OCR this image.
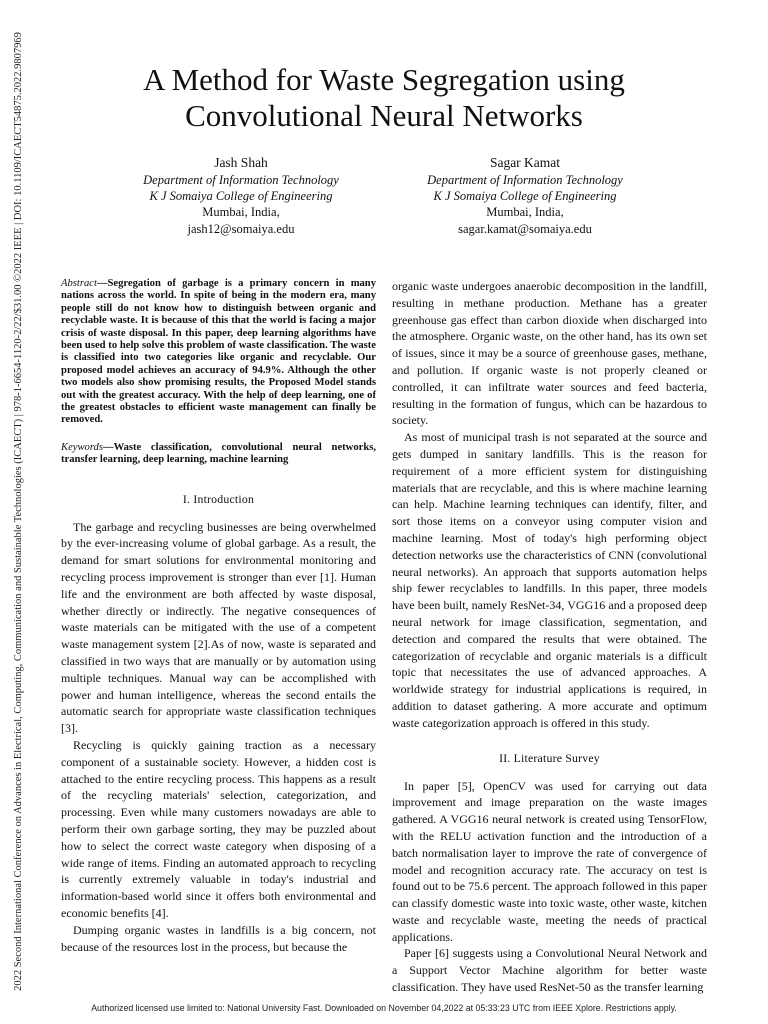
2022 Second International Conference on Advances in Electrical, Computing, Communication and Sustainable Technologies (ICAECT) | 978-1-6654-1120-2/22/$31.00 ©2022 IEEE | DOI: 10.1109/ICAECT54875.2022.9807969	A Method for Waste Segregation using
Convolutional Neural Networks
Jash Shah
Department of Information Technology
K J Somaiya College of Engineering
Mumbai, India,
jash12@somaiya.edu
Sagar Kamat
Department of Information Technology
K J Somaiya College of Engineering
Mumbai, India,
sagar.kamat@somaiya.edu
Abstract—Segregation of garbage is a primary concern in many nations across the world. In spite of being in the modern era, many people still do not know how to distinguish between organic and recyclable waste. It is because of this that the world is facing a major crisis of waste disposal. In this paper, deep learning algorithms have been used to help solve this problem of waste classification. The waste is classified into two categories like organic and recyclable. Our proposed model achieves an accuracy of 94.9%. Although the other two models also show promising results, the Proposed Model stands out with the greatest accuracy. With the help of deep learning, one of the greatest obstacles to efficient waste management can finally be removed.
Keywords—Waste classification, convolutional neural networks, transfer learning, deep learning, machine learning
I. Introduction

The garbage and recycling businesses are being overwhelmed by the ever-increasing volume of global garbage. As a result, the demand for smart solutions for environmental monitoring and recycling process improvement is stronger than ever [1]. Human life and the environment are both affected by waste disposal, whether directly or indirectly. The negative consequences of waste materials can be mitigated with the use of a competent waste management system [2].As of now, waste is separated and classified in two ways that are manually or by automation using multiple techniques. Manual way can be accomplished with power and human intelligence, whereas the second entails the automatic search for appropriate waste classification techniques [3].

Recycling is quickly gaining traction as a necessary component of a sustainable society. However, a hidden cost is attached to the entire recycling process. This happens as a result of the recycling materials' selection, categorization, and processing. Even while many customers nowadays are able to perform their own garbage sorting, they may be puzzled about how to select the correct waste category when disposing of a wide range of items. Finding an automated approach to recycling is currently extremely valuable in today's industrial and information-based world since it offers both environmental and economic benefits [4].

Dumping organic wastes in landfills is a big concern, not because of the resources lost in the process, but because the

organic waste undergoes anaerobic decomposition in the landfill, resulting in methane production. Methane has a greater greenhouse gas effect than carbon dioxide when discharged into the atmosphere. Organic waste, on the other hand, has its own set of issues, since it may be a source of greenhouse gases, methane, and pollution. If organic waste is not properly cleaned or controlled, it can infiltrate water sources and feed bacteria, resulting in the formation of fungus, which can be hazardous to society.

As most of municipal trash is not separated at the source and gets dumped in sanitary landfills. This is the reason for requirement of a more efficient system for distinguishing materials that are recyclable, and this is where machine learning can help. Machine learning techniques can identify, filter, and sort those items on a conveyor using computer vision and machine learning. Most of today's high performing object detection networks use the characteristics of CNN (convolutional neural networks). An approach that supports automation helps ship fewer recyclables to landfills. In this paper, three models have been built, namely ResNet-34, VGG16 and a proposed deep neural network for image classification, segmentation, and detection and compared the results that were obtained. The categorization of recyclable and organic materials is a difficult topic that necessitates the use of advanced approaches. A worldwide strategy for industrial applications is required, in addition to dataset gathering. A more accurate and optimum waste categorization approach is offered in this study.

II. Literature Survey

In paper [5], OpenCV was used for carrying out data improvement and image preparation on the waste images gathered. A VGG16 neural network is created using TensorFlow, with the RELU activation function and the introduction of a batch normalisation layer to improve the rate of convergence of model and recognition accuracy rate. The accuracy on test is found out to be 75.6 percent. The approach followed in this paper can classify domestic waste into toxic waste, other waste, kitchen waste and recyclable waste, meeting the needs of practical applications.

Paper [6] suggests using a Convolutional Neural Network and a Support Vector Machine algorithm for better waste classification. They have used ResNet-50 as the transfer learning

Authorized licensed use limited to: National University Fast. Downloaded on November 04,2022 at 05:33:23 UTC from IEEE Xplore. Restrictions apply.
